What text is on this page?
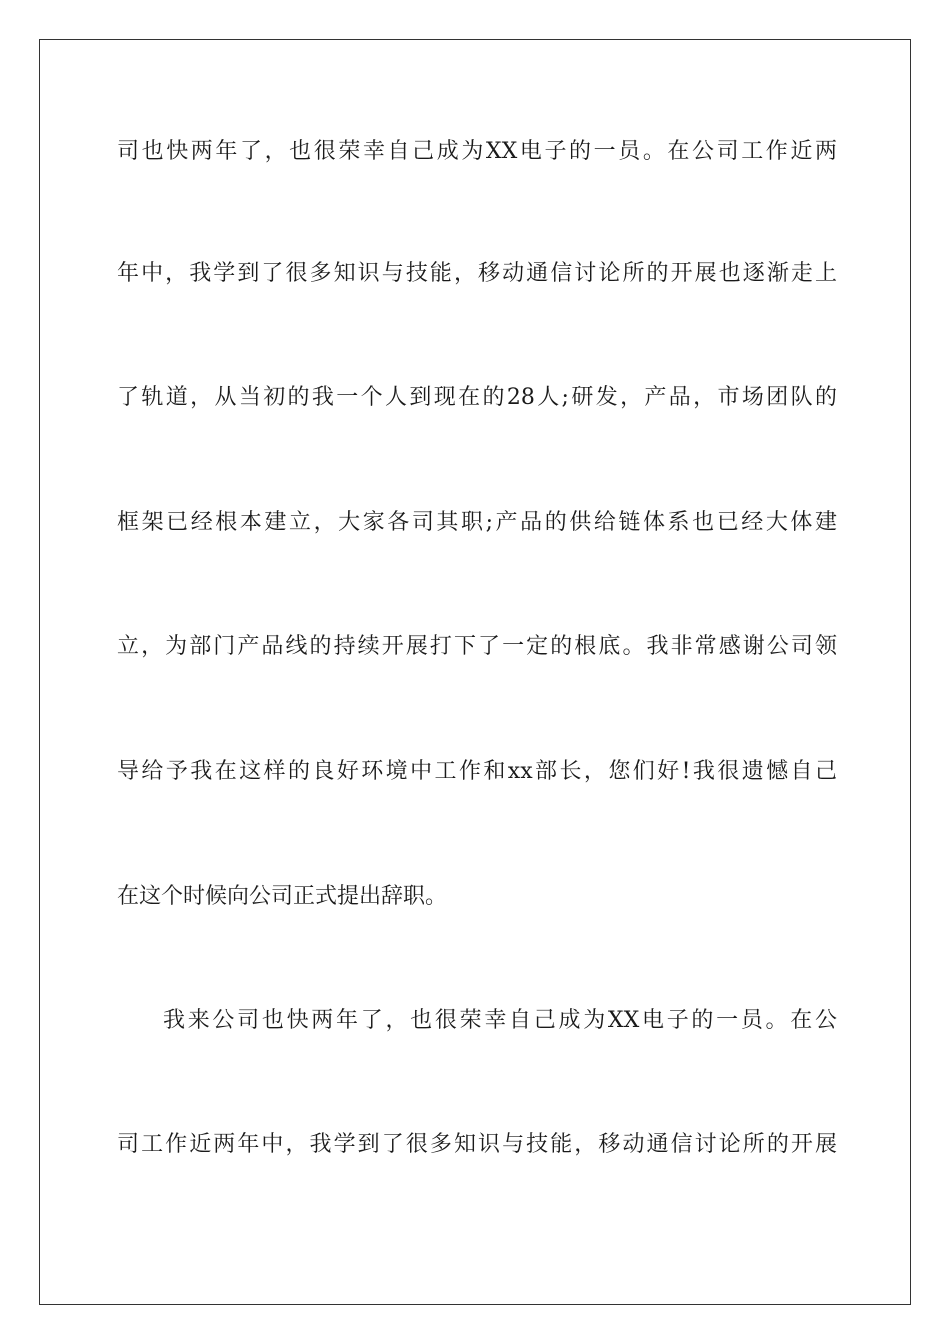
司也快两年了，也很荣幸自己成为XX电子的一员。在公司工作近两
年中，我学到了很多知识与技能，移动通信讨论所的开展也逐渐走上
了轨道，从当初的我一个人到现在的28人;研发，产品，市场团队的
框架已经根本建立，大家各司其职;产品的供给链体系也已经大体建
立，为部门产品线的持续开展打下了一定的根底。我非常感谢公司领
导给予我在这样的良好环境中工作和xx部长，您们好!我很遗憾自己
在这个时候向公司正式提出辞职。
我来公司也快两年了，也很荣幸自己成为XX电子的一员。在公
司工作近两年中，我学到了很多知识与技能，移动通信讨论所的开展
